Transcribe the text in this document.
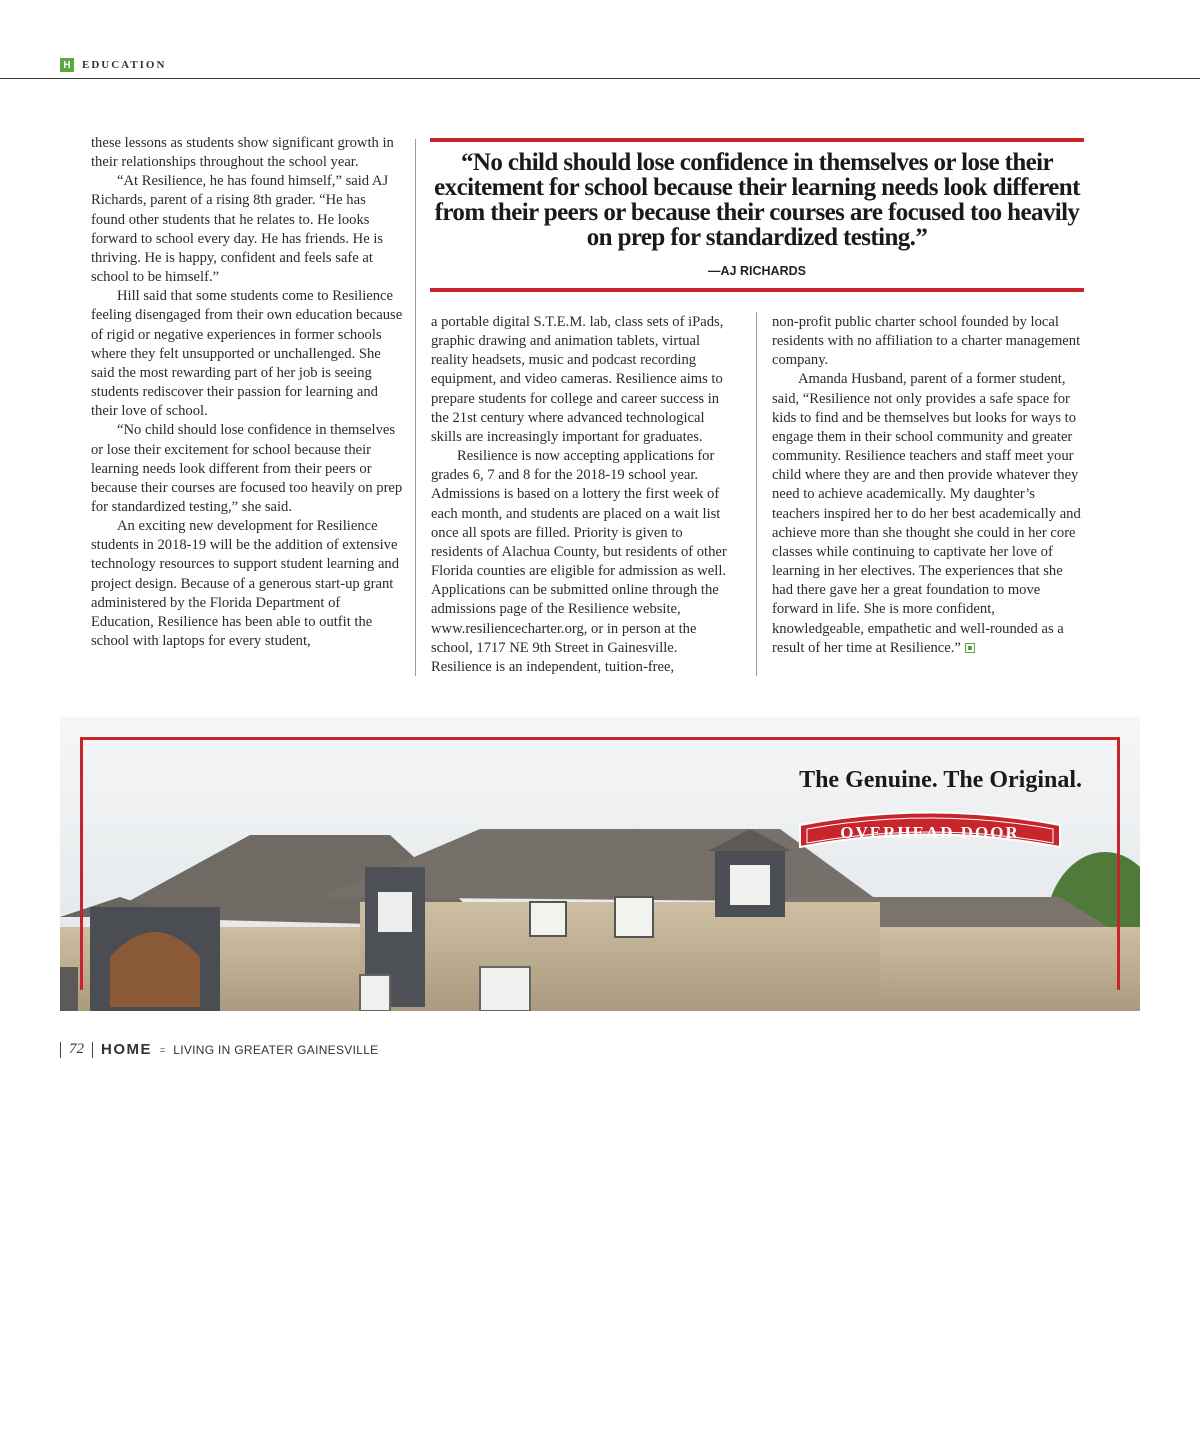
H	EDUCATION

these lessons as students show significant growth in their relationships throughout the school year.

“At Resilience, he has found himself,” said AJ Richards, parent of a rising 8th grader. “He has found other students that he relates to. He looks forward to school every day. He has friends. He is thriving. He is happy, confident and feels safe at school to be himself.”

Hill said that some students come to Resilience feeling disengaged from their own education because of rigid or negative experiences in former schools where they felt unsupported or unchallenged. She said the most rewarding part of her job is seeing students rediscover their passion for learning and their love of school.

“No child should lose confidence in themselves or lose their excitement for school because their learning needs look different from their peers or because their courses are focused too heavily on prep for standardized testing,” she said.

An exciting new development for Resilience students in 2018-19 will be the addition of extensive technology resources to support student learning and project design. Because of a generous start-up grant administered by the Florida Department of Education, Resilience has been able to outfit the school with laptops for every student,

“No child should lose confidence in themselves or lose their excitement for school because their learning needs look different from their peers or because their courses are focused too heavily on prep for standardized testing.”

—AJ RICHARDS

a portable digital S.T.E.M. lab, class sets of iPads, graphic drawing and animation tablets, virtual reality headsets, music and podcast recording equipment, and video cameras. Resilience aims to prepare students for college and career success in the 21st century where advanced technological skills are increasingly important for graduates.

Resilience is now accepting applications for grades 6, 7 and 8 for the 2018-19 school year. Admissions is based on a lottery the first week of each month, and students are placed on a wait list once all spots are filled. Priority is given to residents of Alachua County, but residents of other Florida counties are eligible for admission as well. Applications can be submitted online through the admissions page of the Resilience website, www.resiliencecharter.org, or in person at the school, 1717 NE 9th Street in Gainesville. Resilience is an independent, tuition-free,

non-profit public charter school founded by local residents with no affiliation to a charter management company.

Amanda Husband, parent of a former student, said, “Resilience not only provides a safe space for kids to find and be themselves but looks for ways to engage them in their school community and greater community. Resilience teachers and staff meet your child where they are and then provide whatever they need to achieve academically. My daughter’s teachers inspired her to do her best academically and achieve more than she thought she could in her core classes while continuing to captivate her love of learning in her electives. The experiences that she had there gave her a great foundation to move forward in life. She is more confident, knowledgeable, empathetic and well-rounded as a result of her time at Resilience.”

The Genuine. The Original.
OVERHEAD DOOR
72 HOME = LIVING IN GREATER GAINESVILLE
